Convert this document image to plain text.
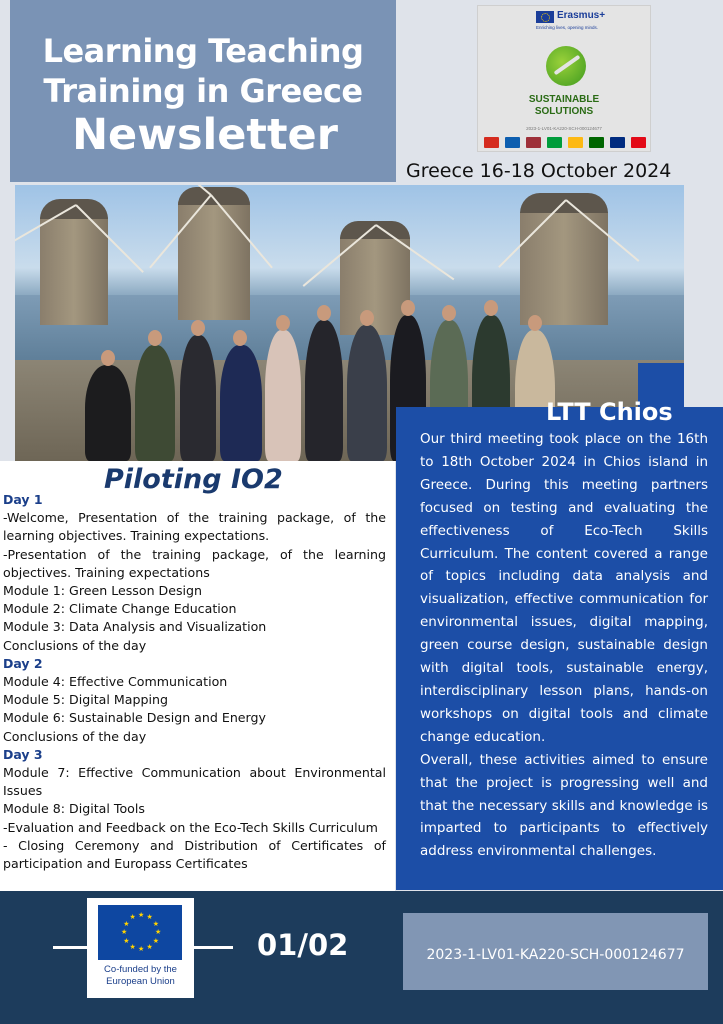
Learning Teaching
Training in Greece
Newsletter
Erasmus+
Enriching lives, opening minds.
SUSTAINABLE
SOLUTIONS
2023-1-LV01-KA220-SCH-000124677
Greece 16-18 October 2024
LTT Chios

Our third meeting took place on the 16th to 18th October 2024 in Chios island in Greece. During this meeting partners focused on testing and evaluating the effectiveness of Eco-Tech Skills Curriculum. The content covered a range of topics including data analysis and visualization, effective communication for environmental issues, digital mapping, green course design, sustainable design with digital tools, sustainable energy, interdisciplinary lesson plans, hands-on workshops on digital tools and climate change education.

Overall, these activities aimed to ensure that the project is progressing well and that the necessary skills and knowledge is imparted to participants to effectively address environmental challenges.

Piloting IO2
Day 1
-Welcome, Presentation of the training package, of the learning objectives. Training expectations.
-Presentation of the training package, of the learning objectives. Training expectations
Module 1: Green Lesson Design
Module 2: Climate Change Education
Module 3: Data Analysis and Visualization
Conclusions of the day
Day 2
Module 4: Effective Communication
Module 5: Digital Mapping
Module 6: Sustainable Design and Energy
Conclusions of the day
Day 3
Module 7: Effective Communication about Environmental Issues
Module 8: Digital Tools
-Evaluation and Feedback on the Eco-Tech Skills Curriculum
- Closing Ceremony and Distribution of Certificates of participation and Europass Certificates
★
★
★
★
★
★
★
★
★ ★ ★
★
Co-funded by the
European Union
01/02	2023-1-LV01-KA220-SCH-000124677
